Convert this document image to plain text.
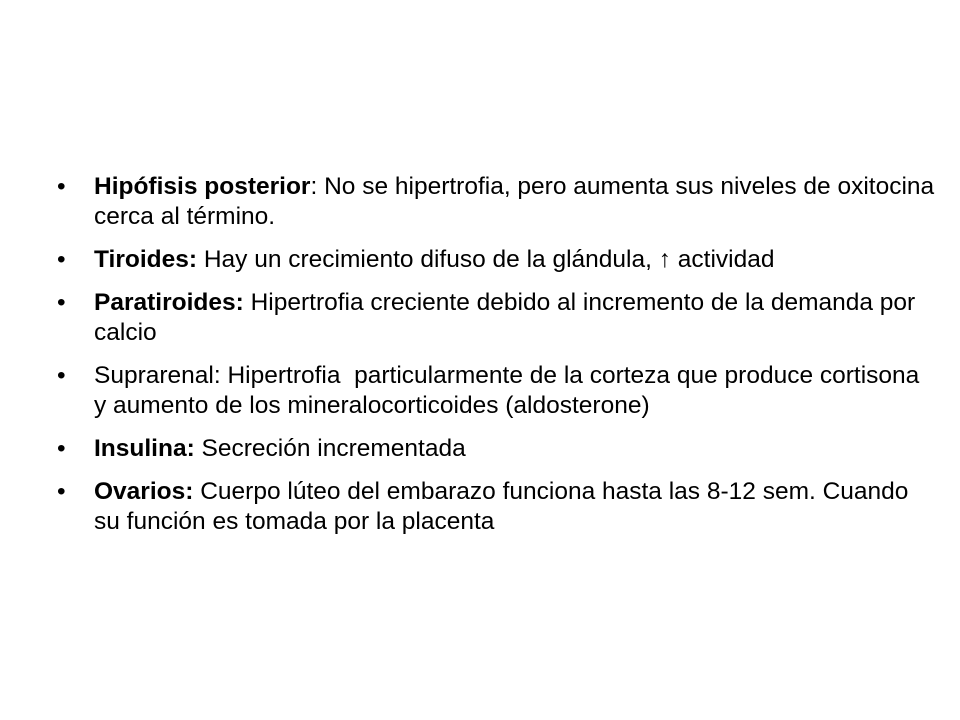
• Hipófisis posterior: No se hipertrofia, pero aumenta sus niveles de oxitocina cerca al término.
• Tiroides: Hay un crecimiento difuso de la glándula, ↑ actividad
• Paratiroides: Hipertrofia creciente debido al incremento de la demanda por calcio
• Suprarenal: Hipertrofia  particularmente de la corteza que produce cortisona y aumento de los mineralocorticoides (aldosterone)
• Insulina: Secreción incrementada
• Ovarios: Cuerpo lúteo del embarazo funciona hasta las 8-12 sem. Cuando su función es tomada por la placenta
